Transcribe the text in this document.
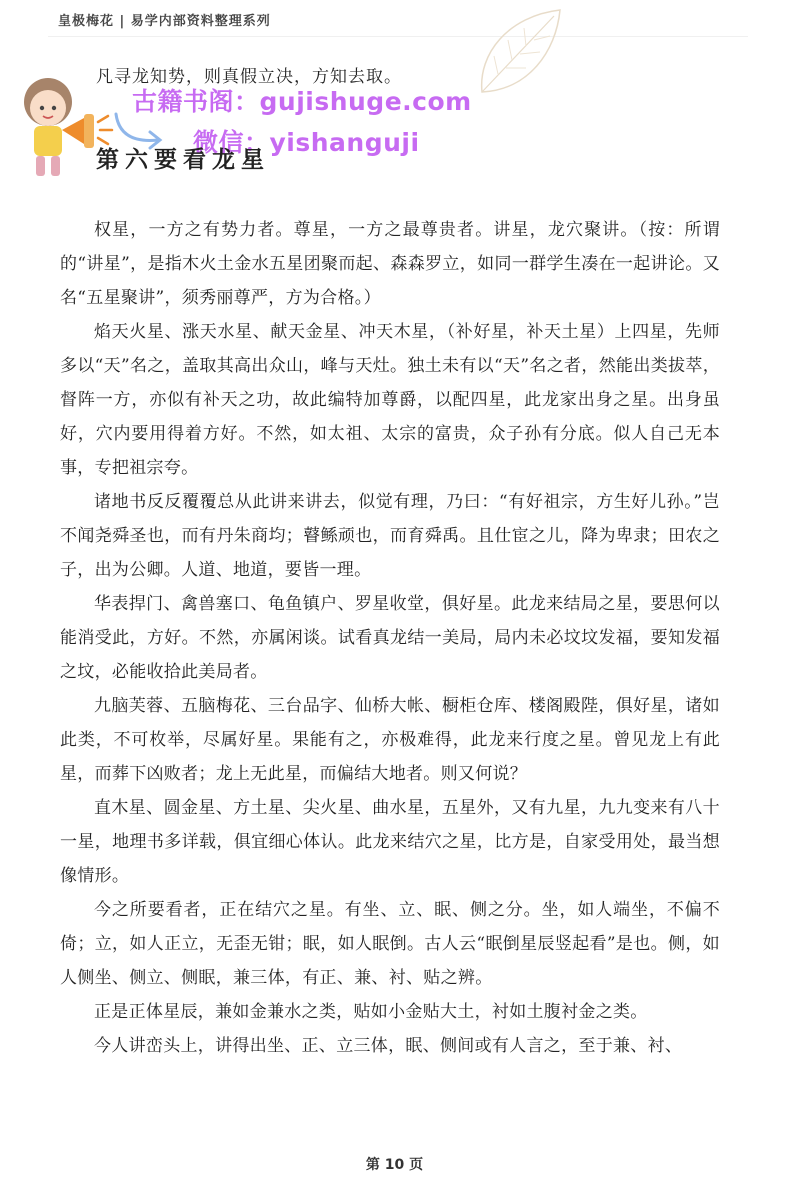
皇极梅花 | 易学内部资料整理系列
凡寻龙知势，则真假立决，方知去取。
古籍书阁：gujishuge.com
微信：yishanguji
第六要看龙星

权星，一方之有势力者。尊星，一方之最尊贵者。讲星，龙穴聚讲。（按：所谓的“讲星”，是指木火土金水五星团聚而起、森森罗立，如同一群学生凑在一起讲论。又名“五星聚讲”，须秀丽尊严，方为合格。）

焰天火星、涨天水星、献天金星、冲天木星，（补好星，补天土星）上四星，先师多以“天”名之，盖取其高出众山，峰与天灶。独土未有以“天”名之者，然能出类拔萃，督阵一方，亦似有补天之功，故此编特加尊爵，以配四星，此龙家出身之星。出身虽好，穴内要用得着方好。不然，如太祖、太宗的富贵，众子孙有分底。似人自己无本事，专把祖宗夸。

诸地书反反覆覆总从此讲来讲去，似觉有理，乃曰：“有好祖宗，方生好儿孙。”岂不闻尧舜圣也，而有丹朱商均；瞽鲧顽也，而育舜禹。且仕宦之儿，降为卑隶；田农之子，出为公卿。人道、地道，要皆一理。

华表捍门、禽兽塞口、龟鱼镇户、罗星收堂，俱好星。此龙来结局之星，要思何以能消受此，方好。不然，亦属闲谈。试看真龙结一美局，局内未必坟坟发福，要知发福之坟，必能收拾此美局者。

九脑芙蓉、五脑梅花、三台品字、仙桥大帐、橱柜仓库、楼阁殿陛，俱好星，诸如此类，不可枚举，尽属好星。果能有之，亦极难得，此龙来行度之星。曾见龙上有此星，而葬下凶败者；龙上无此星，而偏结大地者。则又何说？

直木星、圆金星、方土星、尖火星、曲水星，五星外，又有九星，九九变来有八十一星，地理书多详载，俱宜细心体认。此龙来结穴之星，比方是，自家受用处，最当想像情形。

今之所要看者，正在结穴之星。有坐、立、眠、侧之分。坐，如人端坐，不偏不倚；立，如人正立，无歪无钳；眠，如人眠倒。古人云“眠倒星辰竖起看”是也。侧，如人侧坐、侧立、侧眠，兼三体，有正、兼、衬、贴之辨。

正是正体星辰，兼如金兼水之类，贴如小金贴大土，衬如土腹衬金之类。

今人讲峦头上，讲得出坐、正、立三体，眠、侧间或有人言之，至于兼、衬、

第 10 页
